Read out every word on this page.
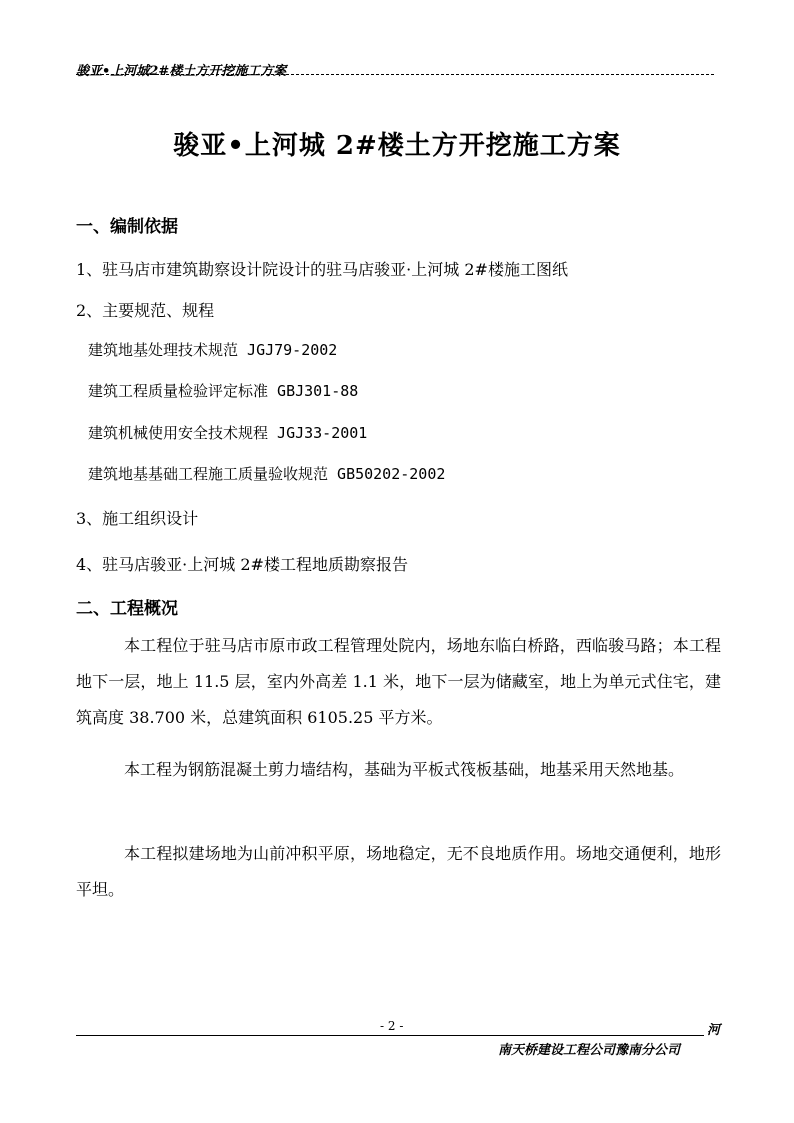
骏亚•上河城2#楼土方开挖施工方案
骏亚•上河城 2#楼土方开挖施工方案
一、编制依据
1、驻马店市建筑勘察设计院设计的驻马店骏亚·上河城 2#楼施工图纸
2、主要规范、规程
建筑地基处理技术规范 JGJ79-2002
建筑工程质量检验评定标准 GBJ301-88
建筑机械使用安全技术规程 JGJ33-2001
建筑地基基础工程施工质量验收规范 GB50202-2002
3、施工组织设计
4、驻马店骏亚·上河城 2#楼工程地质勘察报告
二、工程概况
本工程位于驻马店市原市政工程管理处院内，场地东临白桥路，西临骏马路；本工程地下一层，地上 11.5 层，室内外高差 1.1 米，地下一层为储藏室，地上为单元式住宅，建筑高度 38.700 米，总建筑面积 6105.25 平方米。
本工程为钢筋混凝土剪力墙结构，基础为平板式筏板基础，地基采用天然地基。
本工程拟建场地为山前冲积平原，场地稳定，无不良地质作用。场地交通便利，地形平坦。
- 2 -	河
南天桥建设工程公司豫南分公司
